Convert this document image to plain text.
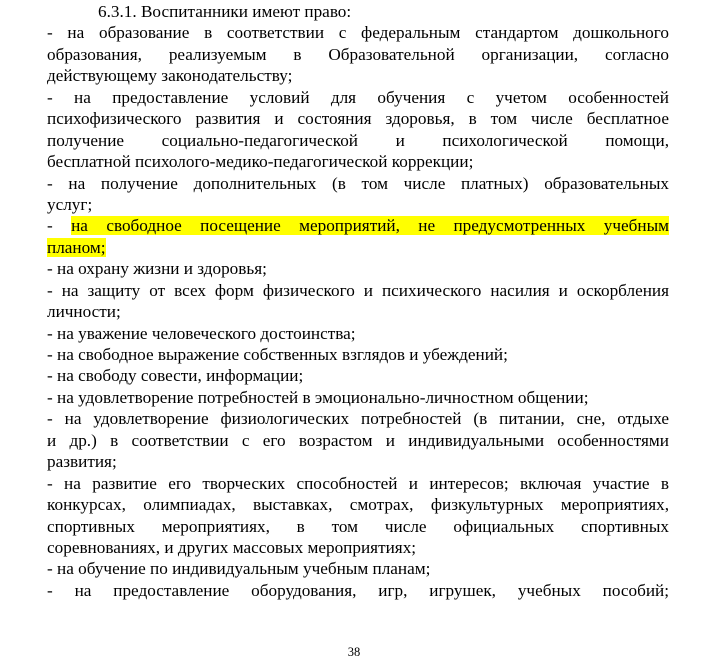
6.3.1. Воспитанники имеют право:
- на образование в соответствии с федеральным стандартом дошкольного
образования, реализуемым в Образовательной организации, согласно
действующему законодательству;
- на предоставление условий для обучения с учетом особенностей
психофизического развития и состояния здоровья, в том числе бесплатное
получение социально-педагогической и психологической помощи,
бесплатной психолого-медико-педагогической коррекции;
- на получение дополнительных (в том числе платных) образовательных
услуг;
- на свободное посещение мероприятий, не предусмотренных учебным
планом;
- на охрану жизни и здоровья;
- на защиту от всех форм физического и психического насилия и оскорбления
личности;
- на уважение человеческого достоинства;
- на свободное выражение собственных взглядов и убеждений;
- на свободу совести, информации;
- на удовлетворение потребностей в эмоционально-личностном общении;
- на удовлетворение физиологических потребностей (в питании, сне, отдыхе
и др.) в соответствии с его возрастом и индивидуальными особенностями
развития;
- на развитие его творческих способностей и интересов; включая участие в
конкурсах, олимпиадах, выставках, смотрах, физкультурных мероприятиях,
спортивных мероприятиях, в том числе официальных спортивных
соревнованиях, и других массовых мероприятиях;
- на обучение по индивидуальным учебным планам;
- на предоставление оборудования, игр, игрушек, учебных пособий;
38
